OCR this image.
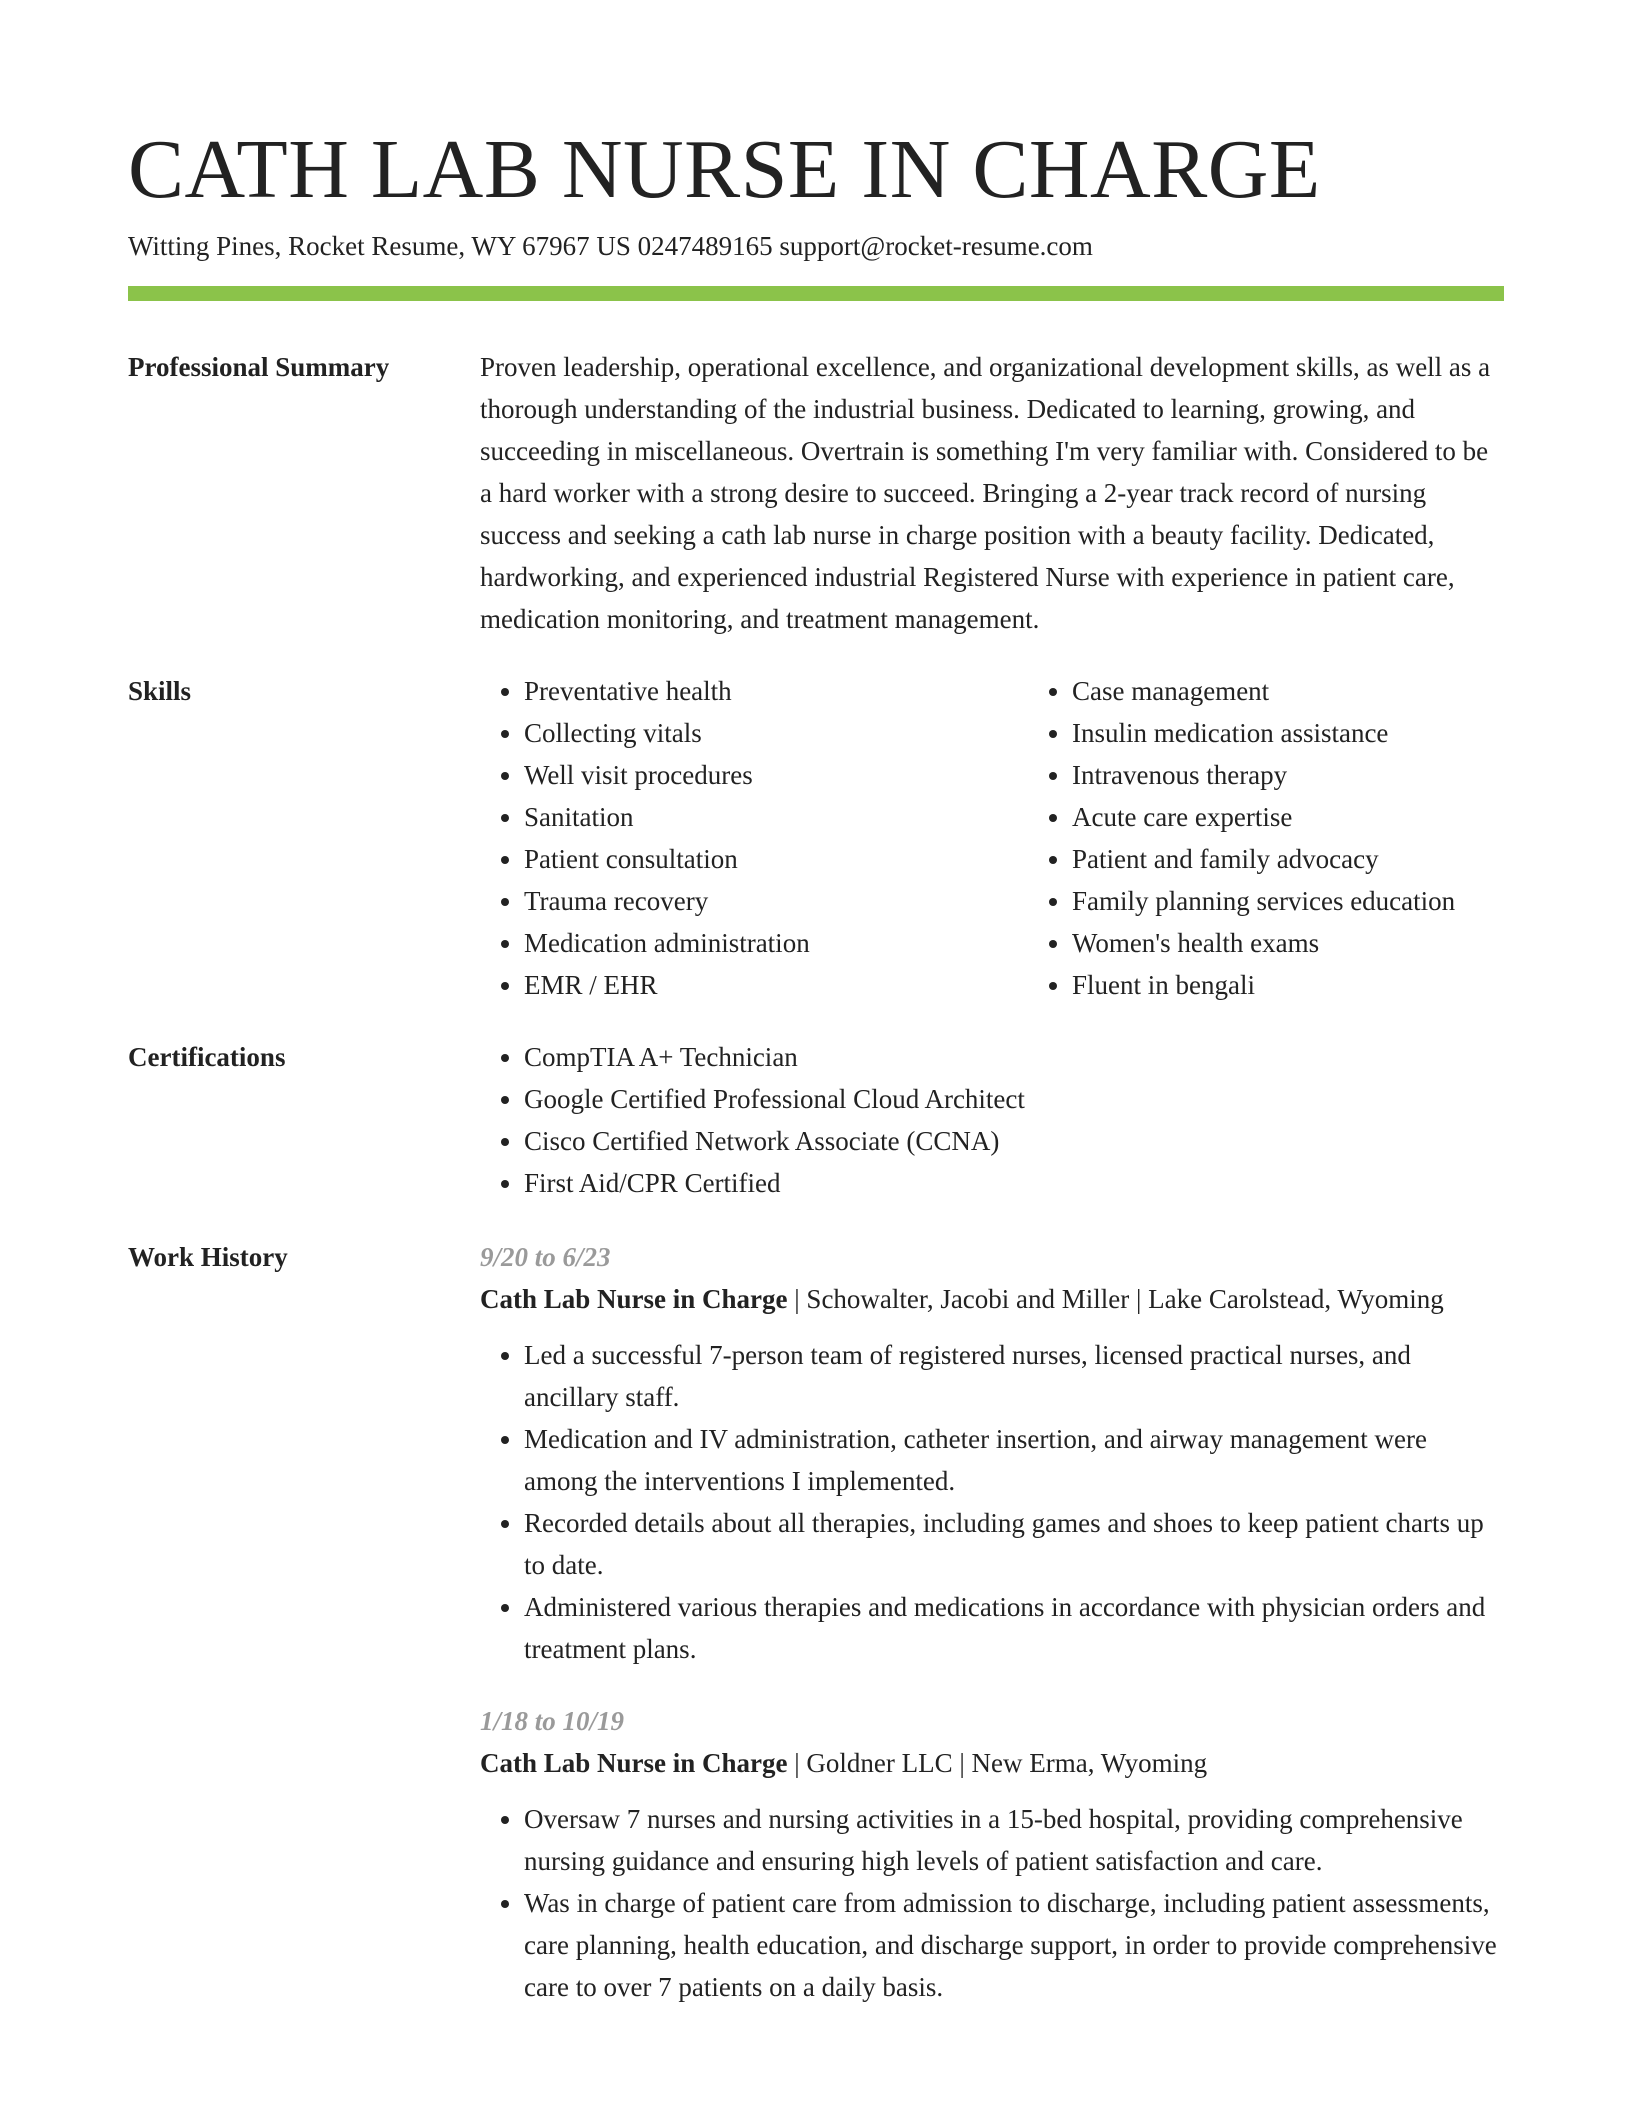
CATH LAB NURSE IN CHARGE
Witting Pines, Rocket Resume, WY 67967 US 0247489165 support@rocket-resume.com
Professional Summary	Proven leadership, operational excellence, and organizational development skills, as well as a thorough understanding of the industrial business. Dedicated to learning, growing, and succeeding in miscellaneous. Overtrain is something I'm very familiar with. Considered to be a hard worker with a strong desire to succeed. Bringing a 2-year track record of nursing success and seeking a cath lab nurse in charge position with a beauty facility. Dedicated, hardworking, and experienced industrial Registered Nurse with experience in patient care, medication monitoring, and treatment management.

Skills	• Preventative health
• Collecting vitals
• Well visit procedures
• Sanitation
• Patient consultation
• Trauma recovery
• Medication administration
• EMR / EHR
• Case management
• Insulin medication assistance
• Intravenous therapy
• Acute care expertise
• Patient and family advocacy
• Family planning services education
• Women's health exams
• Fluent in bengali
Certifications	• CompTIA A+ Technician
• Google Certified Professional Cloud Architect
• Cisco Certified Network Associate (CCNA)
• First Aid/CPR Certified
Work History	9/20 to 6/23

Cath Lab Nurse in Charge | Schowalter, Jacobi and Miller | Lake Carolstead, Wyoming

• Led a successful 7-person team of registered nurses, licensed practical nurses, and ancillary staff.
• Medication and IV administration, catheter insertion, and airway management were among the interventions I implemented.
• Recorded details about all therapies, including games and shoes to keep patient charts up to date.
• Administered various therapies and medications in accordance with physician orders and treatment plans.

1/18 to 10/19

Cath Lab Nurse in Charge | Goldner LLC | New Erma, Wyoming

• Oversaw 7 nurses and nursing activities in a 15-bed hospital, providing comprehensive nursing guidance and ensuring high levels of patient satisfaction and care.
• Was in charge of patient care from admission to discharge, including patient assessments, care planning, health education, and discharge support, in order to provide comprehensive care to over 7 patients on a daily basis.
